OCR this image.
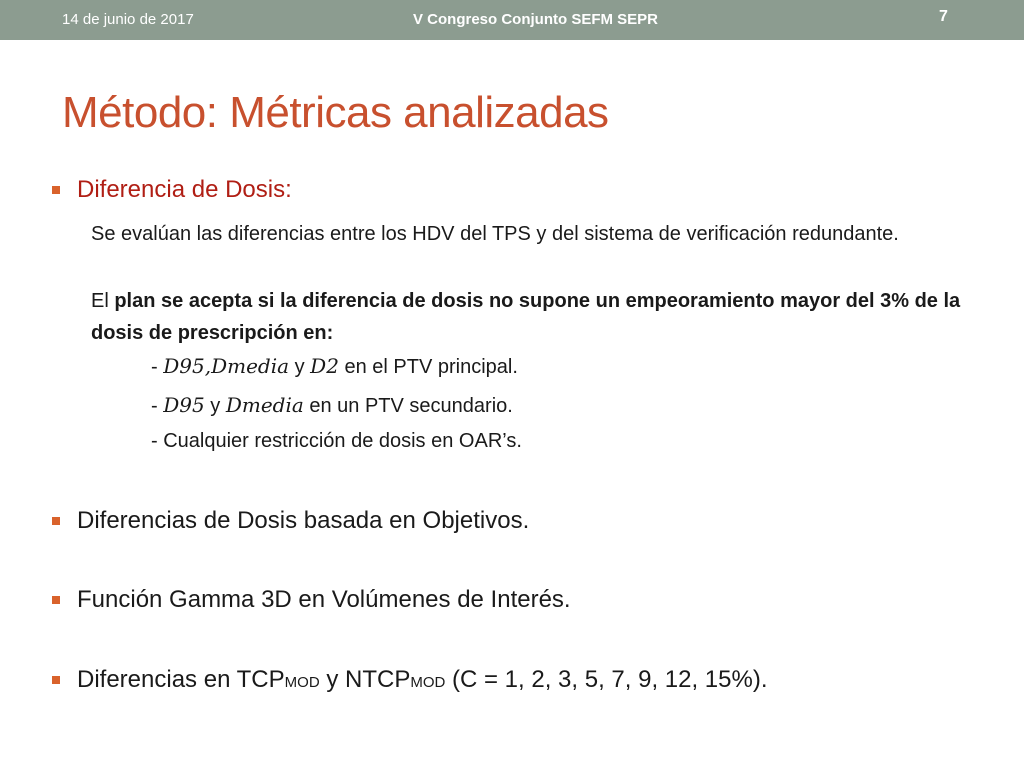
14 de junio de 2017	V Congreso Conjunto SEFM SEPR	7
Método: Métricas analizadas
Diferencia de Dosis:
Se evalúan las diferencias entre los HDV del TPS y del sistema de verificación redundante.
El plan se acepta si la diferencia de dosis no supone un empeoramiento mayor del 3% de la dosis de prescripción en:
- D95,Dmedia y D2 en el PTV principal.
- D95 y Dmedia en un PTV secundario.
- Cualquier restricción de dosis en OAR’s.
Diferencias de Dosis basada en Objetivos.
Función Gamma 3D en Volúmenes de Interés.
Diferencias en TCPMOD y NTCPMOD (C = 1, 2, 3, 5, 7, 9, 12, 15%).
